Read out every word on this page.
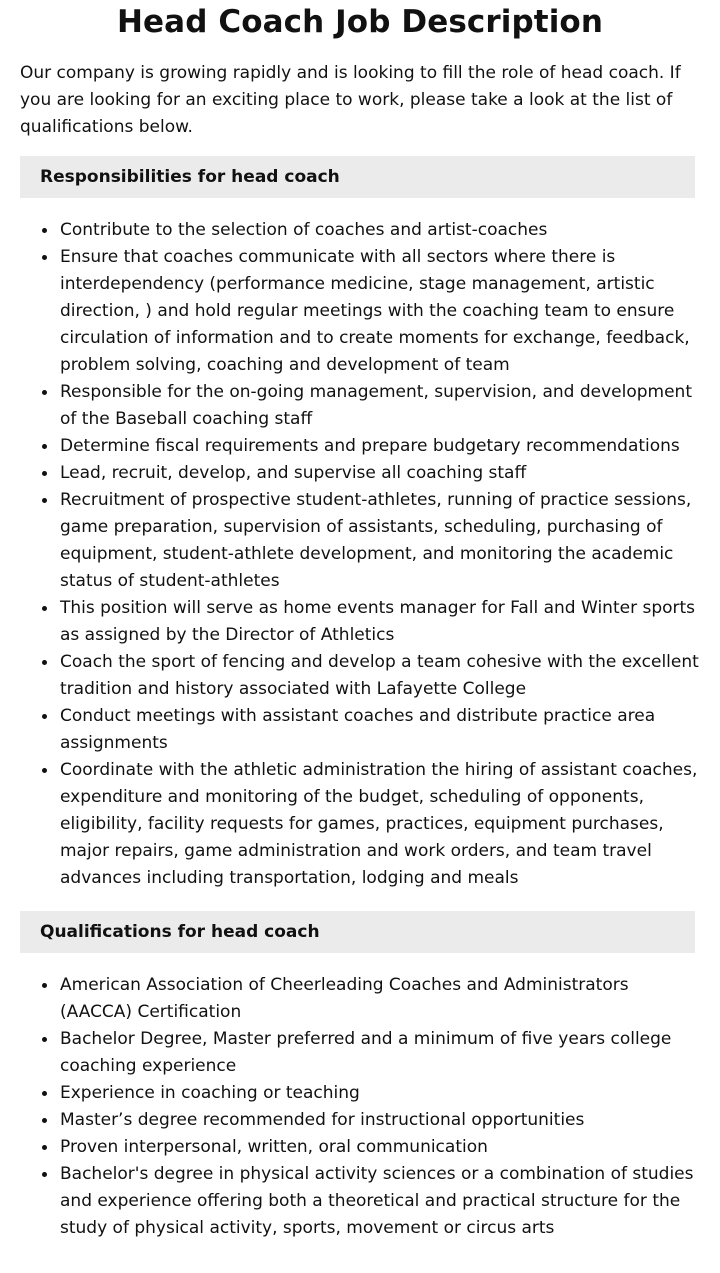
Head Coach Job Description

Our company is growing rapidly and is looking to fill the role of head coach. If you are looking for an exciting place to work, please take a look at the list of qualifications below.

Responsibilities for head coach
Contribute to the selection of coaches and artist-coaches
Ensure that coaches communicate with all sectors where there is interdependency (performance medicine, stage management, artistic direction, ) and hold regular meetings with the coaching team to ensure circulation of information and to create moments for exchange, feedback, problem solving, coaching and development of team
Responsible for the on-going management, supervision, and development of the Baseball coaching staff
Determine fiscal requirements and prepare budgetary recommendations
Lead, recruit, develop, and supervise all coaching staff
Recruitment of prospective student-athletes, running of practice sessions, game preparation, supervision of assistants, scheduling, purchasing of equipment, student-athlete development, and monitoring the academic status of student-athletes
This position will serve as home events manager for Fall and Winter sports as assigned by the Director of Athletics
Coach the sport of fencing and develop a team cohesive with the excellent tradition and history associated with Lafayette College
Conduct meetings with assistant coaches and distribute practice area assignments
Coordinate with the athletic administration the hiring of assistant coaches, expenditure and monitoring of the budget, scheduling of opponents, eligibility, facility requests for games, practices, equipment purchases, major repairs, game administration and work orders, and team travel advances including transportation, lodging and meals
Qualifications for head coach
American Association of Cheerleading Coaches and Administrators (AACCA) Certification
Bachelor Degree, Master preferred and a minimum of five years college coaching experience
Experience in coaching or teaching
Master’s degree recommended for instructional opportunities
Proven interpersonal, written, oral communication
Bachelor's degree in physical activity sciences or a combination of studies and experience offering both a theoretical and practical structure for the study of physical activity, sports, movement or circus arts
